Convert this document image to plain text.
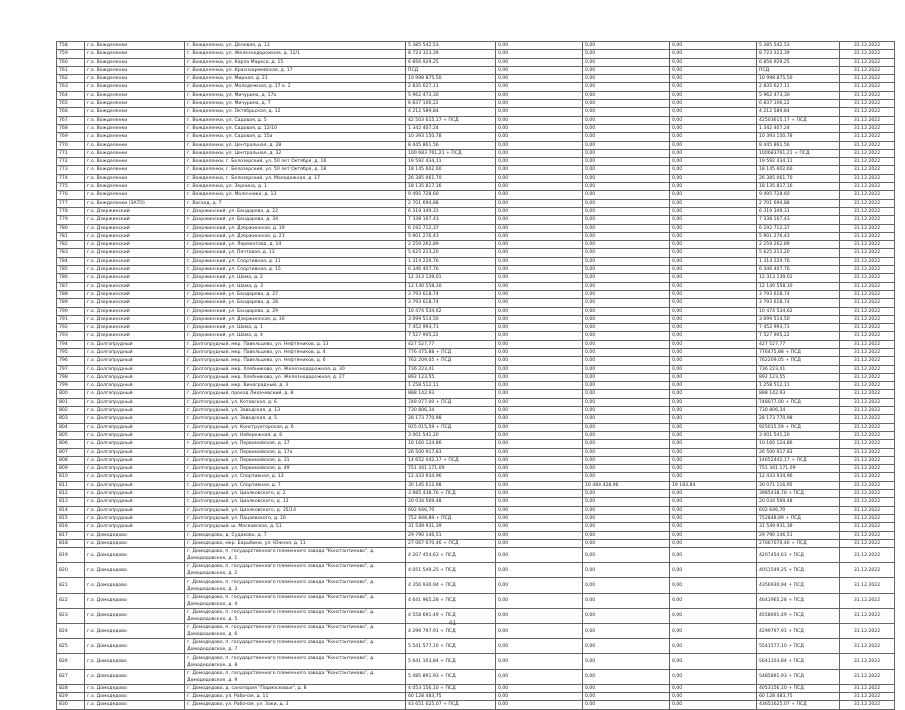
758	г.о. Вожделенки	г. Вожделенки, ул. Деловая, д. 12	5 385 542,53	0,00	0,00	0,00	5 385 542,53	31.12.2022
759	г.о. Вожделенки	г. Вожделенки, ул. Железнодорожная, д. 12/1	8 723 323,39	0,00	0,00	0,00	8 723 323,39	31.12.2022
760	г.о. Вожделенки	г. Вожделенки, ул. Карла Маркса, д. 15	6 856 929,25	0,00	0,00	0,00	6 856 929,25	31.12.2022
761	г.о. Вожделенки	г. Вожделенки, ул. Красноармейская, д. 17	ПСД	0,00	0,00	0,00	ПСД	31.12.2022
762	г.о. Вожделенки	г. Вожделенки, ул. Мирная, д. 21	10 998 875,50	0,00	0,00	0,00	10 998 875,50	31.12.2022
763	г.о. Вожделенки	г. Вожделенки, ул. Молодежная, д. 17 к. 2	2 835 627,11	0,00	0,00	0,00	2 835 627,11	31.12.2022
764	г.о. Вожделенки	г. Вожделенки, ул. Мичурина, д. 17а	5 962 473,30	0,00	0,00	0,00	5 962 473,30	31.12.2022
765	г.о. Вожделенки	г. Вожделенки, ул. Мичурина, д. 7	6 837 106,22	0,00	0,00	0,00	6 837 106,22	31.12.2022
766	г.о. Вожделенки	г. Вожделенки, ул. Октябрьская, д. 12	4 212 589,84	0,00	0,00	0,00	4 212 589,84	31.12.2022
767	г.о. Вожделенки	г. Вожделенки, ул. Садовая, д. 5	42 503 615,17 + ПСД	0,00	0,00	0,00	42503615,17 + ПСД	31.12.2022
768	г.о. Вожделенки	г. Вожделенки, ул. Садовая, д. 12/10	1 342 407,24	0,00	0,00	0,00	1 342 407,24	31.12.2022
769	г.о. Вожделенки	г. Вожделенки, ул. Садовая, д. 15а	10 393 150,78	0,00	0,00	0,00	10 393 150,78	31.12.2022
770	г.о. Вожделенки	г. Вожделенки, ул. Центральная, д. 28	8 445 861,56	0,00	0,00	0,00	8 445 861,56	31.12.2022
771	г.о. Вожделенки	г. Вожделенки, ул. Центральная, д. 32	100 683 761,21 + ПСД	0,00	0,00	0,00	100683761,21 + ПСД	31.12.2022
772	г.о. Вожделенки	г. Вожделенки, г. Белозерский, ул. 50 лет Октября, д. 16	19 592 434,11	0,00	0,00	0,00	19 592 434,11	31.12.2022
773	г.о. Вожделенки	г. Вожделенки, г. Белозерский, ул. 50 лет Октября, д. 18	18 145 602,60	0,00	0,00	0,00	18 145 602,60	31.12.2022
774	г.о. Вожделенки	г. Вожделенки, г. Белозерский, ул. Молодежная, д. 17	26 385 061,70	0,00	0,00	0,00	26 385 061,70	31.12.2022
775	г.о. Вожделенки	г. Вожделенки, ул. Зернина, д. 1	18 135 817,16	0,00	0,00	0,00	18 135 817,16	31.12.2022
776	г.о. Вожделенки	г. Вожделенки, ул. Молочники, д. 13	9 495 728,60	0,00	0,00	0,00	9 495 728,60	31.12.2022
777	г.о. Вожделенки (ЗАТО)	г. Восход, д. 7	2 701 694,88	0,00	0,00	0,00	2 701 694,88	31.12.2022
778	г.о. Дзержинский	г. Дзержинский, ул. Бондарева, д. 22	6 319 349,31	0,00	0,00	0,00	6 319 349,31	31.12.2022
779	г.о. Дзержинский	г. Дзержинский, ул. Бондарева, д. 34	7 338 167,43	0,00	0,00	0,00	7 338 167,43	31.12.2022
780	г.о. Дзержинский	г. Дзержинский, ул. Дзержинская, д. 19	6 192 712,37	0,00	0,00	0,00	6 192 712,37	31.12.2022
781	г.о. Дзержинский	г. Дзержинский, ул. Дзержинская, д. 23	5 901 276,43	0,00	0,00	0,00	5 901 276,43	31.12.2022
782	г.о. Дзержинский	г. Дзержинский, ул. Лермонтова, д. 14	2 259 262,89	0,00	0,00	0,00	2 259 262,89	31.12.2022
783	г.о. Дзержинский	г. Дзержинский, ул. Почтовая, д. 13	5 625 213,20	0,00	0,00	0,00	5 625 213,20	31.12.2022
784	г.о. Дзержинский	г. Дзержинский, ул. Спортивная, д. 11	1 314 229,76	0,00	0,00	0,00	1 314 229,76	31.12.2022
785	г.о. Дзержинский	г. Дзержинский, ул. Спортивная, д. 15	6 346 407,76	0,00	0,00	0,00	6 346 407,76	31.12.2022
786	г.о. Дзержинский	г. Дзержинский, ул. Шама, д. 2	12 313 139,01	0,00	0,00	0,00	12 313 139,01	31.12.2022
787	г.о. Дзержинский	г. Дзержинский, ул. Шама, д. 3	12 140 558,30	0,00	0,00	0,00	12 140 558,30	31.12.2022
788	г.о. Дзержинский	г. Дзержинский, ул. Бондарева, д. 27	3 793 618,74	0,00	0,00	0,00	3 793 618,74	31.12.2022
789	г.о. Дзержинский	г. Дзержинский, ул. Бондарева, д. 28	3 793 618,74	0,00	0,00	0,00	3 793 618,74	31.12.2022
790	г.о. Дзержинский	г. Дзержинский, ул. Бондарева, д. 29	10 474 534,62	0,00	0,00	0,00	10 474 534,62	31.12.2022
791	г.о. Дзержинский	г. Дзержинский, ул. Дзержинская, д. 30	3 099 514,50	0,00	0,00	0,00	3 099 514,50	31.12.2022
792	г.о. Дзержинский	г. Дзержинский, ул. Шама, д. 1	7 452 993,71	0,00	0,00	0,00	7 452 993,71	31.12.2022
793	г.о. Дзержинский	г. Дзержинский, ул. Шама, д. 4	7 527 905,22	0,00	0,00	0,00	7 527 905,22	31.12.2022
794	г.о. Долгопрудный	г. Долгопрудный, мкр. Павельцево, ул. Нефтяников, д. 13	427 527,77	0,00	0,00	0,00	427 527,77	31.12.2022
795	г.о. Долгопрудный	г. Долгопрудный, мкр. Павельцево, ул. Нефтяников, д. 4	776 475,88 + ПСД	0,00	0,00	0,00	776475,88 + ПСД	31.12.2022
796	г.о. Долгопрудный	г. Долгопрудный, мкр. Павельцево, ул. Нефтяников, д. 6	762 209,05 + ПСД	0,00	0,00	0,00	762209,05 + ПСД	31.12.2022
797	г.о. Долгопрудный	г. Долгопрудный, мкр. Хлебниково, ул. Железнодорожная, д. 30	736 223,41	0,00	0,00	0,00	736 223,41	31.12.2022
798	г.о. Долгопрудный	г. Долгопрудный, мкр. Хлебниково, ул. Железнодорожная, д. 27	892 123,55	0,00	0,00	0,00	892 123,55	31.12.2022
799	г.о. Долгопрудный	г. Долгопрудный, мкр. Виноградный, д. 3	1 258 512,11	0,00	0,00	0,00	1 258 512,11	31.12.2022
800	г.о. Долгопрудный	г. Долгопрудный, проезд Лихачевский, д. 8	888 142,93	0,00	0,00	0,00	888 142,93	31.12.2022
801	г.о. Долгопрудный	г. Долгопрудный, ул. Котовская, д. 6	748 077,00 + ПСД	0,00	0,00	0,00	748077,00 + ПСД	31.12.2022
802	г.о. Долгопрудный	г. Долгопрудный, ул. Заводская, д. 13	730 806,34	0,00	0,00	0,00	730 806,34	31.12.2022
803	г.о. Долгопрудный	г. Долгопрудный, ул. Заводская, д. 5	28 173 770,98	0,00	0,00	0,00	28 173 770,98	31.12.2022
804	г.о. Долгопрудный	г. Долгопрудный, ул. Конструкторская, д. 6	925 015,59 + ПСД	0,00	0,00	0,00	925015,59 + ПСД	31.12.2022
805	г.о. Долгопрудный	г. Долгопрудный, ул. Набережная, д. 6	3 001 541,20	0,00	0,00	0,00	3 001 541,20	31.12.2022
806	г.о. Долгопрудный	г. Долгопрудный, ул. Первомайская, д. 17	10 160 124,86	0,00	0,00	0,00	10 160 124,86	31.12.2022
807	г.о. Долгопрудный	г. Долгопрудный, ул. Первомайская, д. 17а	26 500 917,83	0,00	0,00	0,00	26 500 917,83	31.12.2022
808	г.о. Долгопрудный	г. Долгопрудный, ул. Первомайская, д. 31	14 652 442,17 + ПСД	0,00	0,00	0,00	14652442,17 + ПСД	31.12.2022
809	г.о. Долгопрудный	г. Долгопрудный, ул. Первомайская, д. 49	751 341 171,09	0,00	0,00	0,00	751 341 171,09	31.12.2022
810	г.о. Долгопрудный	г. Долгопрудный, ул. Спортивная, д. 13	12 433 934,96	0,00	0,00	0,00	12 433 934,96	31.12.2022
811	г.о. Долгопрудный	г. Долгопрудный, ул. Спортивная, д. 7	30 145 612,98	0,00	10 484 428,96	19 183,84	30 071 116,95	31.12.2022
812	г.о. Долгопрудный	г. Долгопрудный, ул. Циолковского, д. 2	3 985 438,76 + ПСД	0,00	0,00	0,00	3985438,76 + ПСД	31.12.2022
813	г.о. Долгопрудный	г. Долгопрудный, ул. Циолковского, д. 13	20 034 569,48	0,00	0,00	0,00	20 034 569,48	31.12.2022
814	г.о. Долгопрудный	г. Долгопрудный, ул. Циолковского, д. 35/14	602 646,70	0,00	0,00	0,00	602 646,70	31.12.2022
815	г.о. Долгопрудный	г. Долгопрудный, ул. Пацаевского, д. 16	752 848,89 + ПСД	0,00	0,00	0,00	752848,89 + ПСД	31.12.2022
816	г.о. Долгопрудный	г. Долгопрудный, ш. Московское, д. 51	31 549 931,39	0,00	0,00	0,00	31 549 931,39	31.12.2022
817	г.о. Домодедово	г. Домодедово, д. Судаково, д. 7	29 790 146,51	0,00	0,00	0,00	29 790 146,51	31.12.2022
818	г.о. Домодедово	г. Домодедово, мкр. Барыбино, ул. Южная, д. 11	27 067 070,46 + ПСД	0,00	0,00	0,00	27067070,46 + ПСД	31.12.2022
819	г.о. Домодедово	г. Домодедово, п. государственного племенного завода "Константиново", д. Домодедовское, д. 1	4 207 454,63 + ПСД	0,00	0,00	0,00	4207454,63 + ПСД	31.12.2022
820	г.о. Домодедово	г. Домодедово, п. государственного племенного завода "Константиново", д. Домодедовское, д. 2	4 051 549,25 + ПСД	0,00	0,00	0,00	4051549,25 + ПСД	31.12.2022
821	г.о. Домодедово	г. Домодедово, п. государственного племенного завода "Константиново", д. Домодедовское, д. 3	4 356 930,94 + ПСД	0,00	0,00	0,00	4356930,94 + ПСД	31.12.2022
822	г.о. Домодедово	г. Домодедово, п. государственного племенного завода "Константиново", д. Домодедовское, д. 4	4 641 965,28 + ПСД	0,00	0,00	0,00	4641965,28 + ПСД	31.12.2022
823	г.о. Домодедово	г. Домодедово, п. государственного племенного завода "Константиново", д. Домодедовское, д. 5	4 558 691,49 + ПСД	0,00	0,00	0,00	4558691,49 + ПСД	31.12.2022
824	г.о. Домодедово	г. Домодедово, п. государственного племенного завода "Константиново", д. Домодедовское, д. 6	4 299 797,91 + ПСД	0,00	0,00	0,00	4299797,91 + ПСД	31.12.2022
825	г.о. Домодедово	г. Домодедово, п. государственного племенного завода "Константиново", д. Домодедовское, д. 7	5 541 577,10 + ПСД	0,00	0,00	0,00	5541577,10 + ПСД	31.12.2022
826	г.о. Домодедово	г. Домодедово, п. государственного племенного завода "Константиново", д. Домодедовское, д. 8	5 641 103,84 + ПСД	0,00	0,00	0,00	5641103,84 + ПСД	31.12.2022
827	г.о. Домодедово	г. Домодедово, п. государственного племенного завода "Константиново", д. Домодедовское, д. 9	5 485 891,93 + ПСД	0,00	0,00	0,00	5485891,93 + ПСД	31.12.2022
828	г.о. Домодедово	г. Домодедово, д. санатория "Подмосковье", д. 8	4 053 156,10 + ПСД	0,00	0,00	0,00	4053156,10 + ПСД	31.12.2022
829	г.о. Домодедово	г. Домодедово, ул. Рабочая, д. 11	60 128 483,75	0,00	0,00	0,00	60 128 483,75	31.12.2022
830	г.о. Домодедово	г. Домодедово, ул. Рабочая, ул. Заки, д. 3	43 651 625,07 + ПСД	0,00	0,00	0,00	43651625,07 + ПСД	31.12.2022
41
